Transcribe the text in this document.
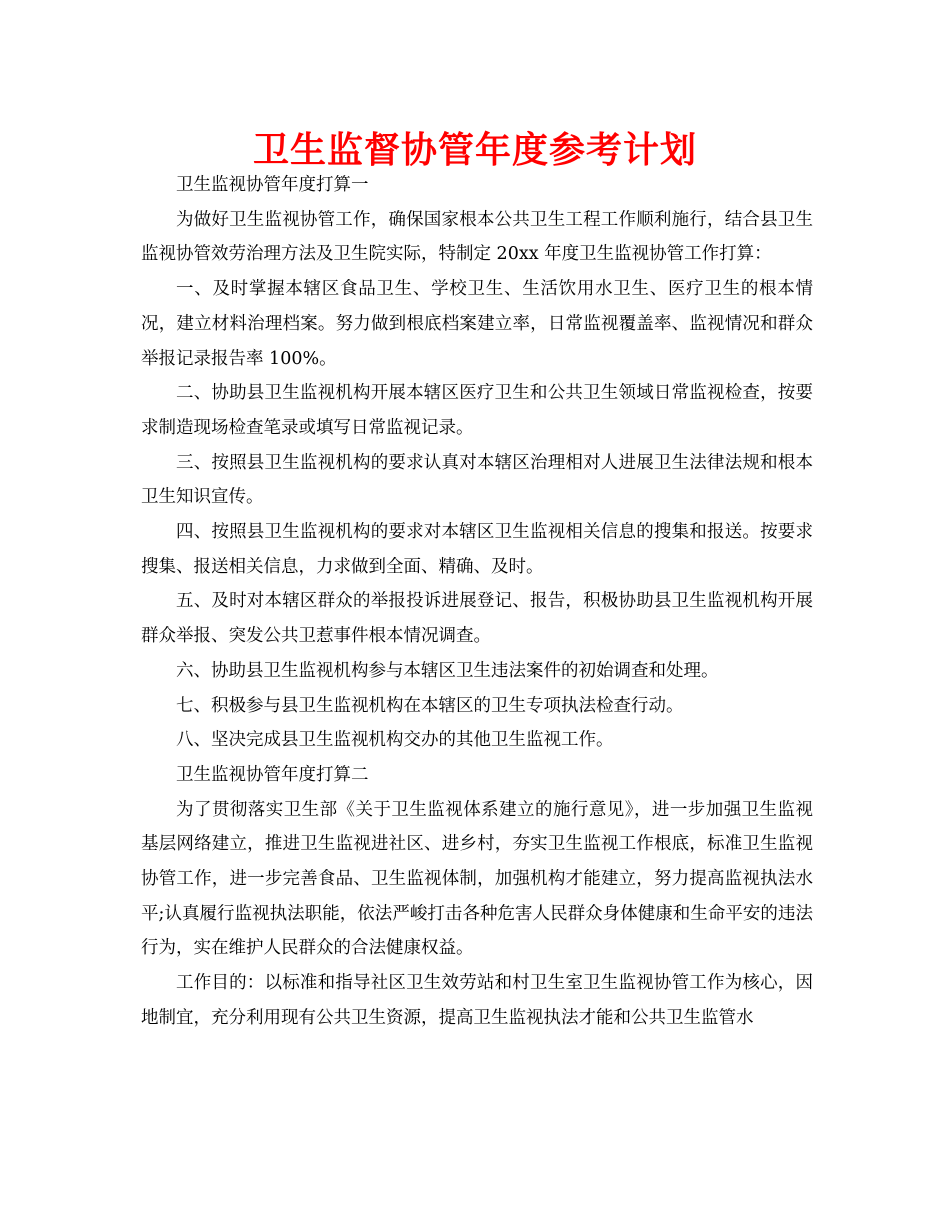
卫生监督协管年度参考计划

卫生监视协管年度打算一

为做好卫生监视协管工作，确保国家根本公共卫生工程工作顺利施行，结合县卫生监视协管效劳治理方法及卫生院实际，特制定 20xx 年度卫生监视协管工作打算：

一、及时掌握本辖区食品卫生、学校卫生、生活饮用水卫生、医疗卫生的根本情况，建立材料治理档案。努力做到根底档案建立率，日常监视覆盖率、监视情况和群众举报记录报告率 100%。

二、协助县卫生监视机构开展本辖区医疗卫生和公共卫生领域日常监视检查，按要求制造现场检查笔录或填写日常监视记录。

三、按照县卫生监视机构的要求认真对本辖区治理相对人进展卫生法律法规和根本卫生知识宣传。

四、按照县卫生监视机构的要求对本辖区卫生监视相关信息的搜集和报送。按要求搜集、报送相关信息，力求做到全面、精确、及时。

五、及时对本辖区群众的举报投诉进展登记、报告，积极协助县卫生监视机构开展群众举报、突发公共卫惹事件根本情况调查。

六、协助县卫生监视机构参与本辖区卫生违法案件的初始调查和处理。

七、积极参与县卫生监视机构在本辖区的卫生专项执法检查行动。

八、坚决完成县卫生监视机构交办的其他卫生监视工作。

卫生监视协管年度打算二

为了贯彻落实卫生部《关于卫生监视体系建立的施行意见》，进一步加强卫生监视基层网络建立，推进卫生监视进社区、进乡村，夯实卫生监视工作根底，标准卫生监视协管工作，进一步完善食品、卫生监视体制，加强机构才能建立，努力提高监视执法水平;认真履行监视执法职能，依法严峻打击各种危害人民群众身体健康和生命平安的违法行为，实在维护人民群众的合法健康权益。

工作目的：以标准和指导社区卫生效劳站和村卫生室卫生监视协管工作为核心，因地制宜，充分利用现有公共卫生资源，提高卫生监视执法才能和公共卫生监管水
